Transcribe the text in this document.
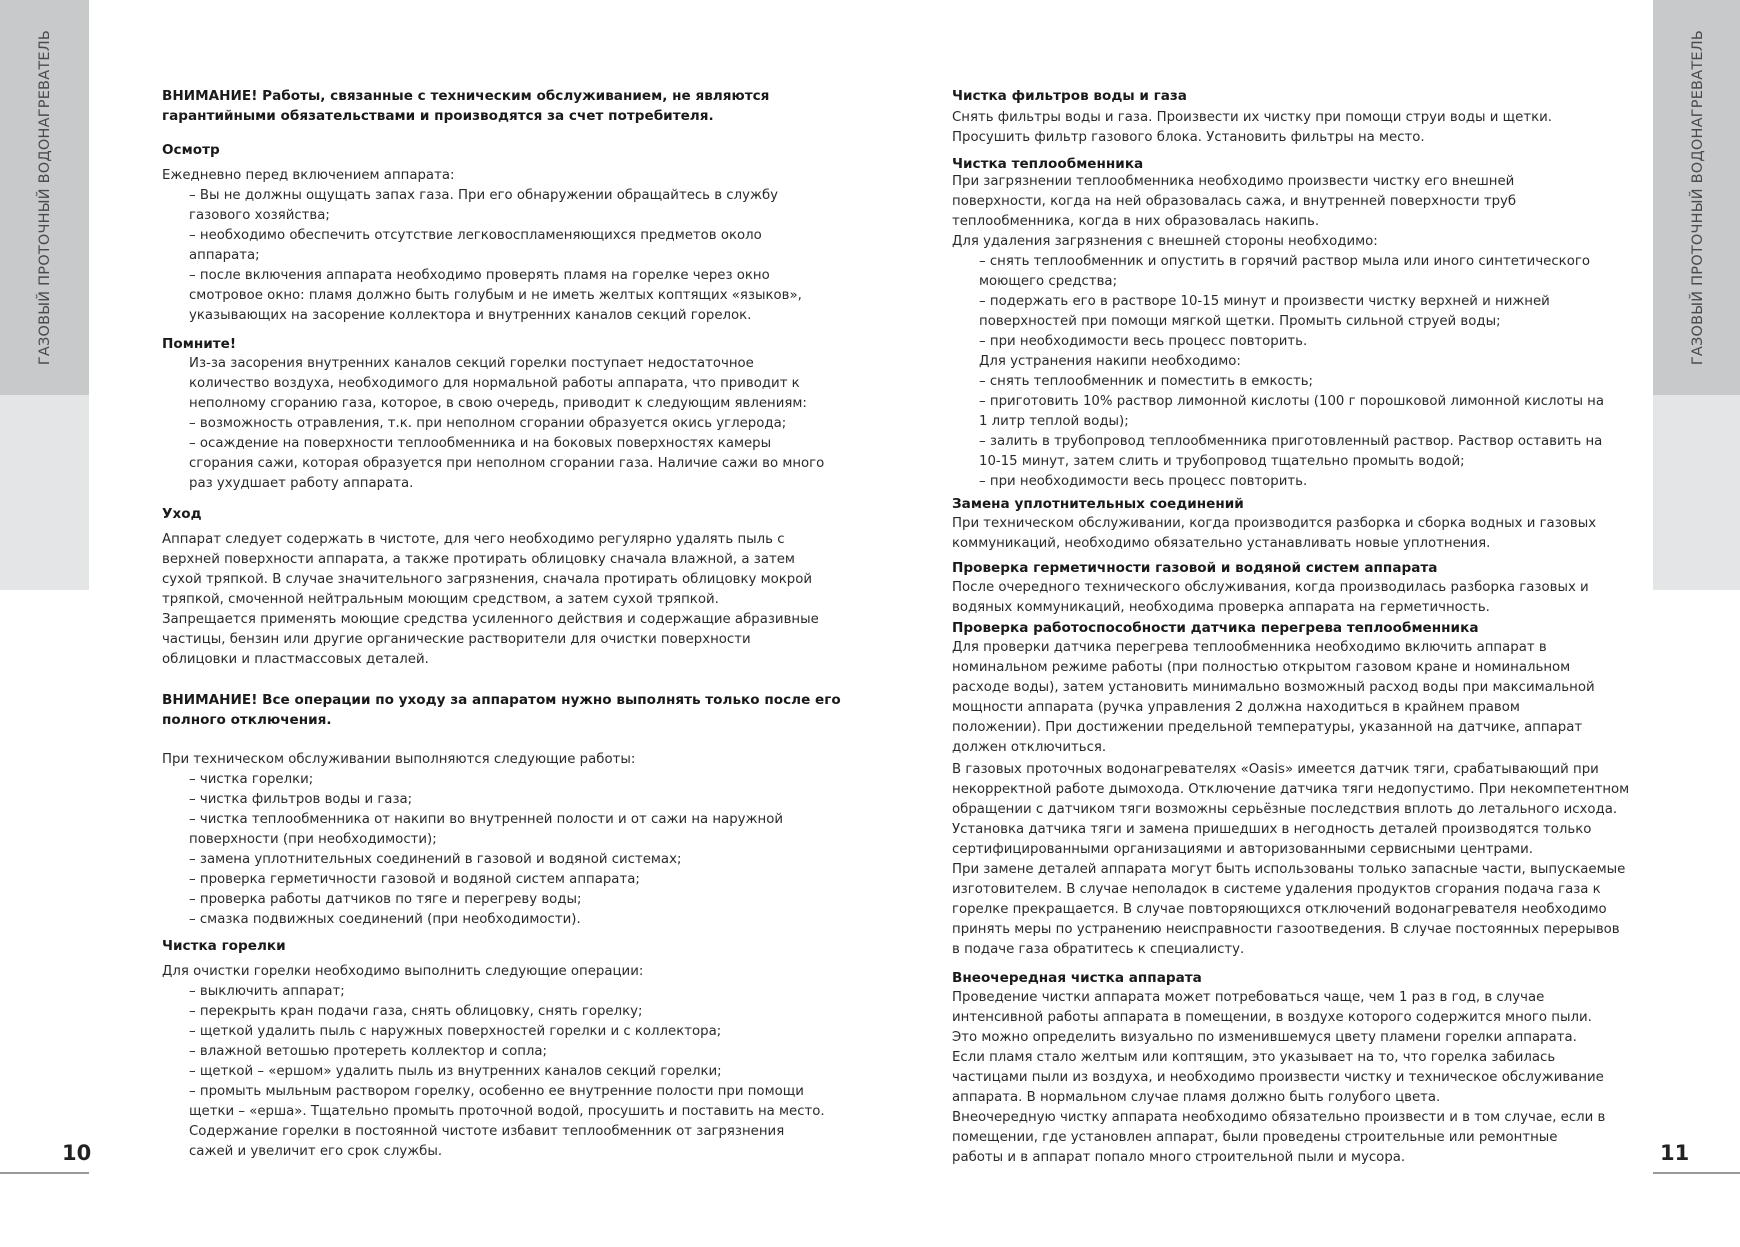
ГАЗОВЫЙ ПРОТОЧНЫЙ ВОДОНАГРЕВАТЕЛЬ	ГАЗОВЫЙ ПРОТОЧНЫЙ ВОДОНАГРЕВАТЕЛЬ
10	11
ВНИМАНИЕ! Работы, связанные с техническим обслуживанием, не являются
гарантийными обязательствами и производятся за счет потребителя.
Осмотр
Ежедневно перед включением аппарата:
– Вы не должны ощущать запах газа. При его обнаружении обращайтесь в службу
газового хозяйства;
– необходимо обеспечить отсутствие легковоспламеняющихся предметов около
аппарата;
– после включения аппарата необходимо проверять пламя на горелке через окно
смотровое окно: пламя должно быть голубым и не иметь желтых коптящих «языков»,
указывающих на засорение коллектора и внутренних каналов секций горелок.
Помните!
Из-за засорения внутренних каналов секций горелки поступает недостаточное
количество воздуха, необходимого для нормальной работы аппарата, что приводит к
неполному сгоранию газа, которое, в свою очередь, приводит к следующим явлениям:
– возможность отравления, т.к. при неполном сгорании образуется окись углерода;
– осаждение на поверхности теплообменника и на боковых поверхностях камеры
сгорания сажи, которая образуется при неполном сгорании газа. Наличие сажи во много
раз ухудшает работу аппарата.
Уход
Аппарат следует содержать в чистоте, для чего необходимо регулярно удалять пыль с
верхней поверхности аппарата, а также протирать облицовку сначала влажной, а затем
сухой тряпкой. В случае значительного загрязнения, сначала протирать облицовку мокрой
тряпкой, смоченной нейтральным моющим средством, а затем сухой тряпкой.
Запрещается применять моющие средства усиленного действия и содержащие абразивные
частицы, бензин или другие органические растворители для очистки поверхности
облицовки и пластмассовых деталей.
ВНИМАНИЕ! Все операции по уходу за аппаратом нужно выполнять только после его
полного отключения.
При техническом обслуживании выполняются следующие работы:
– чистка горелки;
– чистка фильтров воды и газа;
– чистка теплообменника от накипи во внутренней полости и от сажи на наружной
поверхности (при необходимости);
– замена уплотнительных соединений в газовой и водяной системах;
– проверка герметичности газовой и водяной систем аппарата;
– проверка работы датчиков по тяге и перегреву воды;
– смазка подвижных соединений (при необходимости).
Чистка горелки
Для очистки горелки необходимо выполнить следующие операции:
– выключить аппарат;
– перекрыть кран подачи газа, снять облицовку, снять горелку;
– щеткой удалить пыль с наружных поверхностей горелки и с коллектора;
– влажной ветошью протереть коллектор и сопла;
– щеткой – «ершом» удалить пыль из внутренних каналов секций горелки;
– промыть мыльным раствором горелку, особенно ее внутренние полости при помощи
щетки – «ерша». Тщательно промыть проточной водой, просушить и поставить на место.
Содержание горелки в постоянной чистоте избавит теплообменник от загрязнения
сажей и увеличит его срок службы.
Чистка фильтров воды и газа
Снять фильтры воды и газа. Произвести их чистку при помощи струи воды и щетки.
Просушить фильтр газового блока. Установить фильтры на место.
Чистка теплообменника
При загрязнении теплообменника необходимо произвести чистку его внешней
поверхности, когда на ней образовалась сажа, и внутренней поверхности труб
теплообменника, когда в них образовалась накипь.
Для удаления загрязнения с внешней стороны необходимо:
– снять теплообменник и опустить в горячий раствор мыла или иного синтетического
моющего средства;
– подержать его в растворе 10-15 минут и произвести чистку верхней и нижней
поверхностей при помощи мягкой щетки. Промыть сильной струей воды;
– при необходимости весь процесс повторить.
Для устранения накипи необходимо:
– снять теплообменник и поместить в емкость;
– приготовить 10% раствор лимонной кислоты (100 г порошковой лимонной кислоты на
1 литр теплой воды);
– залить в трубопровод теплообменника приготовленный раствор. Раствор оставить на
10-15 минут, затем слить и трубопровод тщательно промыть водой;
– при необходимости весь процесс повторить.
Замена уплотнительных соединений
При техническом обслуживании, когда производится разборка и сборка водных и газовых
коммуникаций, необходимо обязательно устанавливать новые уплотнения.
Проверка герметичности газовой и водяной систем аппарата
После очередного технического обслуживания, когда производилась разборка газовых и
водяных коммуникаций, необходима проверка аппарата на герметичность.
Проверка работоспособности датчика перегрева теплообменника
Для проверки датчика перегрева теплообменника необходимо включить аппарат в
номинальном режиме работы (при полностью открытом газовом кране и номинальном
расходе воды), затем установить минимально возможный расход воды при максимальной
мощности аппарата (ручка управления 2 должна находиться в крайнем правом
положении). При достижении предельной температуры, указанной на датчике, аппарат
должен отключиться.
В газовых проточных водонагревателях «Oasis» имеется датчик тяги, срабатывающий при
некорректной работе дымохода. Отключение датчика тяги недопустимо. При некомпетентном
обращении с датчиком тяги возможны серьёзные последствия вплоть до летального исхода.
Установка датчика тяги и замена пришедших в негодность деталей производятся только
сертифицированными организациями и авторизованными сервисными центрами.
При замене деталей аппарата могут быть использованы только запасные части, выпускаемые
изготовителем. В случае неполадок в системе удаления продуктов сгорания подача газа к
горелке прекращается. В случае повторяющихся отключений водонагревателя необходимо
принять меры по устранению неисправности газоотведения. В случае постоянных перерывов
в подаче газа обратитесь к специалисту.
Внеочередная чистка аппарата
Проведение чистки аппарата может потребоваться чаще, чем 1 раз в год, в случае
интенсивной работы аппарата в помещении, в воздухе которого содержится много пыли.
Это можно определить визуально по изменившемуся цвету пламени горелки аппарата.
Если пламя стало желтым или коптящим, это указывает на то, что горелка забилась
частицами пыли из воздуха, и необходимо произвести чистку и техническое обслуживание
аппарата. В нормальном случае пламя должно быть голубого цвета.
Внеочередную чистку аппарата необходимо обязательно произвести и в том случае, если в
помещении, где установлен аппарат, были проведены строительные или ремонтные
работы и в аппарат попало много строительной пыли и мусора.
